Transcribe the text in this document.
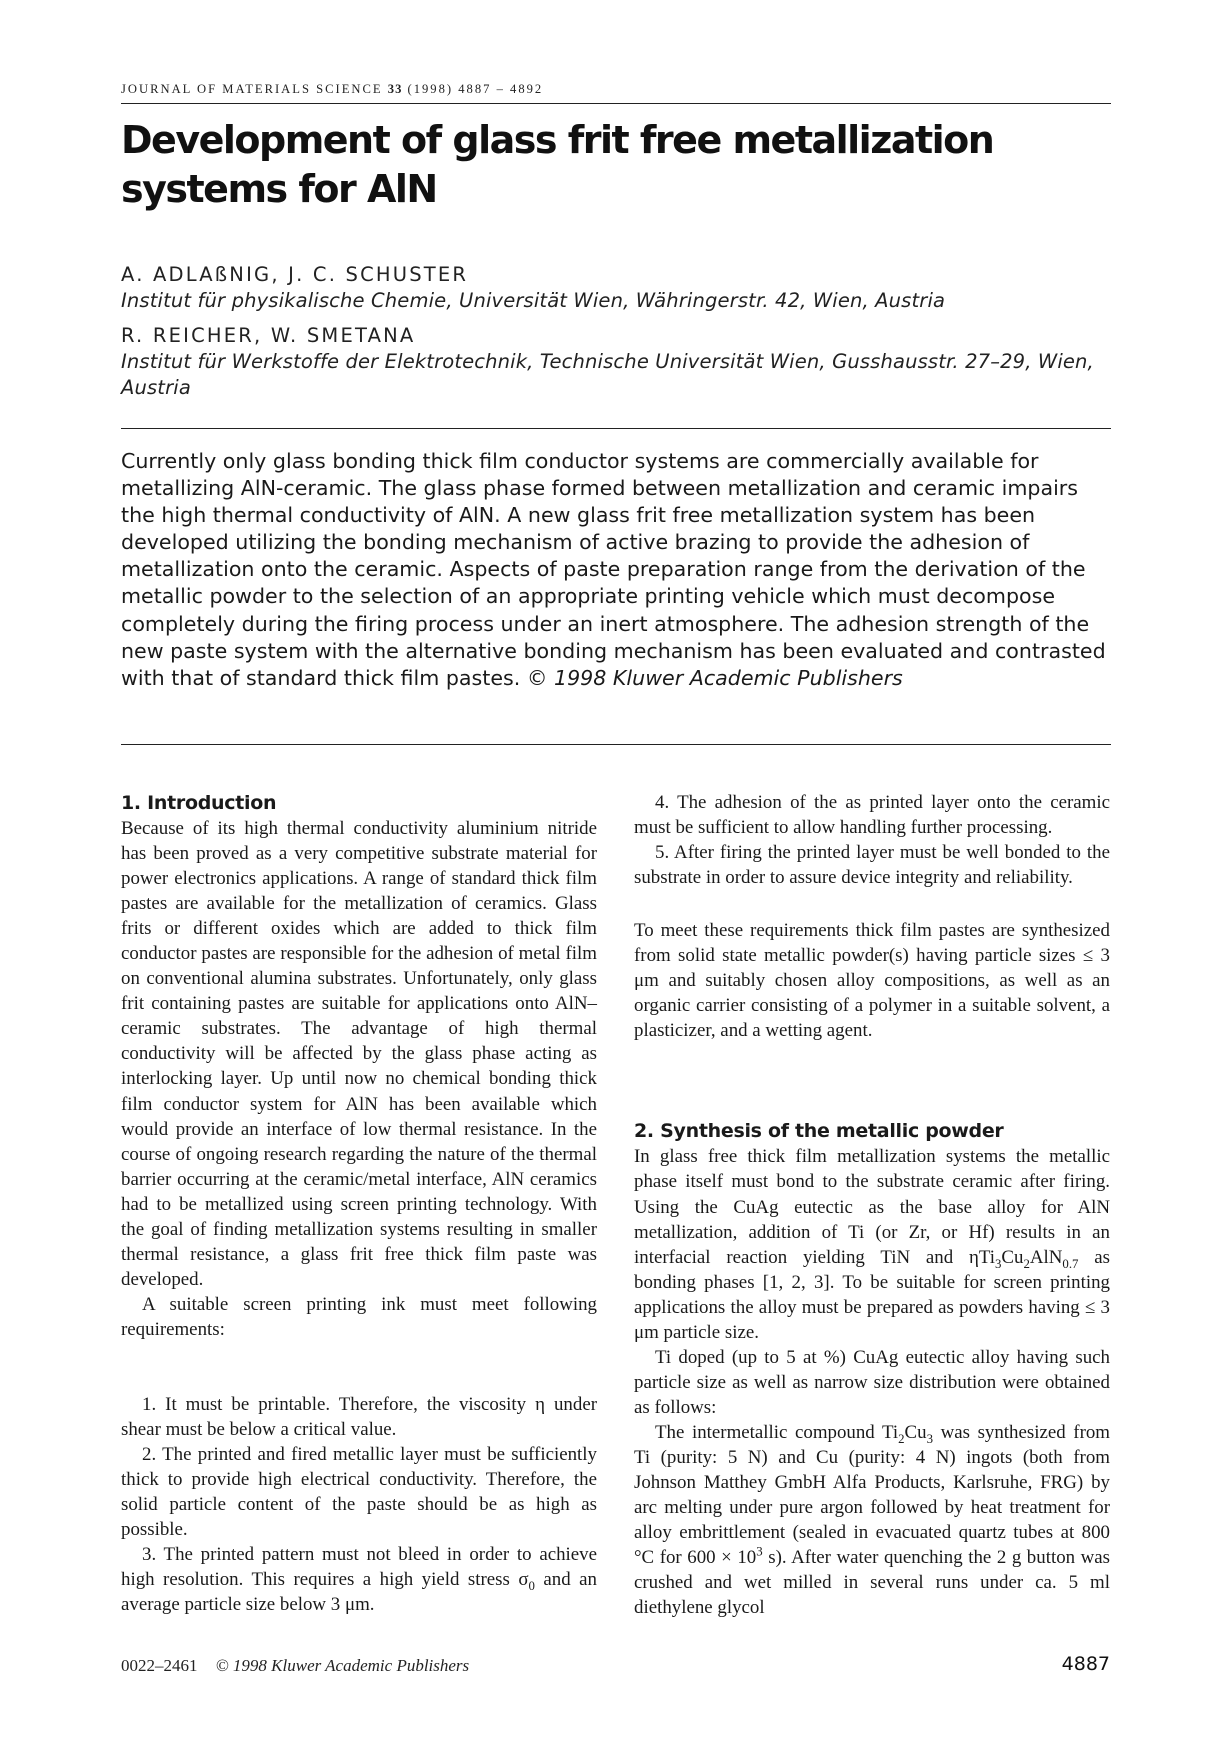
JOURNAL OF MATERIALS SCIENCE 33 (1998) 4887 – 4892
Development of glass frit free metallization systems for AlN
A. ADLAßNIG, J. C. SCHUSTER
Institut für physikalische Chemie, Universität Wien, Währingerstr. 42, Wien, Austria
R. REICHER, W. SMETANA
Institut für Werkstoffe der Elektrotechnik, Technische Universität Wien, Gusshausstr. 27–29, Wien, Austria
Currently only glass bonding thick film conductor systems are commercially available for metallizing AlN-ceramic. The glass phase formed between metallization and ceramic impairs the high thermal conductivity of AlN. A new glass frit free metallization system has been developed utilizing the bonding mechanism of active brazing to provide the adhesion of metallization onto the ceramic. Aspects of paste preparation range from the derivation of the metallic powder to the selection of an appropriate printing vehicle which must decompose completely during the firing process under an inert atmosphere. The adhesion strength of the new paste system with the alternative bonding mechanism has been evaluated and contrasted with that of standard thick film pastes. © 1998 Kluwer Academic Publishers
1. Introduction

Because of its high thermal conductivity aluminium nitride has been proved as a very competitive substrate material for power electronics applications. A range of standard thick film pastes are available for the metallization of ceramics. Glass frits or different oxides which are added to thick film conductor pastes are responsible for the adhesion of metal film on conventional alumina substrates. Unfortunately, only glass frit containing pastes are suitable for applications onto AlN–ceramic substrates. The advantage of high thermal conductivity will be affected by the glass phase acting as interlocking layer. Up until now no chemical bonding thick film conductor system for AlN has been available which would provide an interface of low thermal resistance. In the course of ongoing research regarding the nature of the thermal barrier occurring at the ceramic/metal interface, AlN ceramics had to be metallized using screen printing technology. With the goal of finding metallization systems resulting in smaller thermal resistance, a glass frit free thick film paste was developed.

A suitable screen printing ink must meet following requirements:

1. It must be printable. Therefore, the viscosity η under shear must be below a critical value.

2. The printed and fired metallic layer must be sufficiently thick to provide high electrical conductivity. Therefore, the solid particle content of the paste should be as high as possible.

3. The printed pattern must not bleed in order to achieve high resolution. This requires a high yield stress $\sigma_0$ and an average particle size below 3 μm.

4. The adhesion of the as printed layer onto the ceramic must be sufficient to allow handling further processing.

5. After firing the printed layer must be well bonded to the substrate in order to assure device integrity and reliability.

To meet these requirements thick film pastes are synthesized from solid state metallic powder(s) having particle sizes ≤ 3 μm and suitably chosen alloy compositions, as well as an organic carrier consisting of a polymer in a suitable solvent, a plasticizer, and a wetting agent.

2. Synthesis of the metallic powder

In glass free thick film metallization systems the metallic phase itself must bond to the substrate ceramic after firing. Using the CuAg eutectic as the base alloy for AlN metallization, addition of Ti (or Zr, or Hf) results in an interfacial reaction yielding TiN and $\eta Ti_3Cu_2AlN_{0.7}$ as bonding phases [1, 2, 3]. To be suitable for screen printing applications the alloy must be prepared as powders having ≤ 3 μm particle size.

Ti doped (up to 5 at %) CuAg eutectic alloy having such particle size as well as narrow size distribution were obtained as follows:

The intermetallic compound $Ti_2Cu_3$ was synthesized from Ti (purity: 5 N) and Cu (purity: 4 N) ingots (both from Johnson Matthey GmbH Alfa Products, Karlsruhe, FRG) by arc melting under pure argon followed by heat treatment for alloy embrittlement (sealed in evacuated quartz tubes at 800 °C for $600 \times 10^3$ s). After water quenching the 2 g button was crushed and wet milled in several runs under ca. 5 ml diethylene glycol

0022–2461 © 1998 Kluwer Academic Publishers	4887
